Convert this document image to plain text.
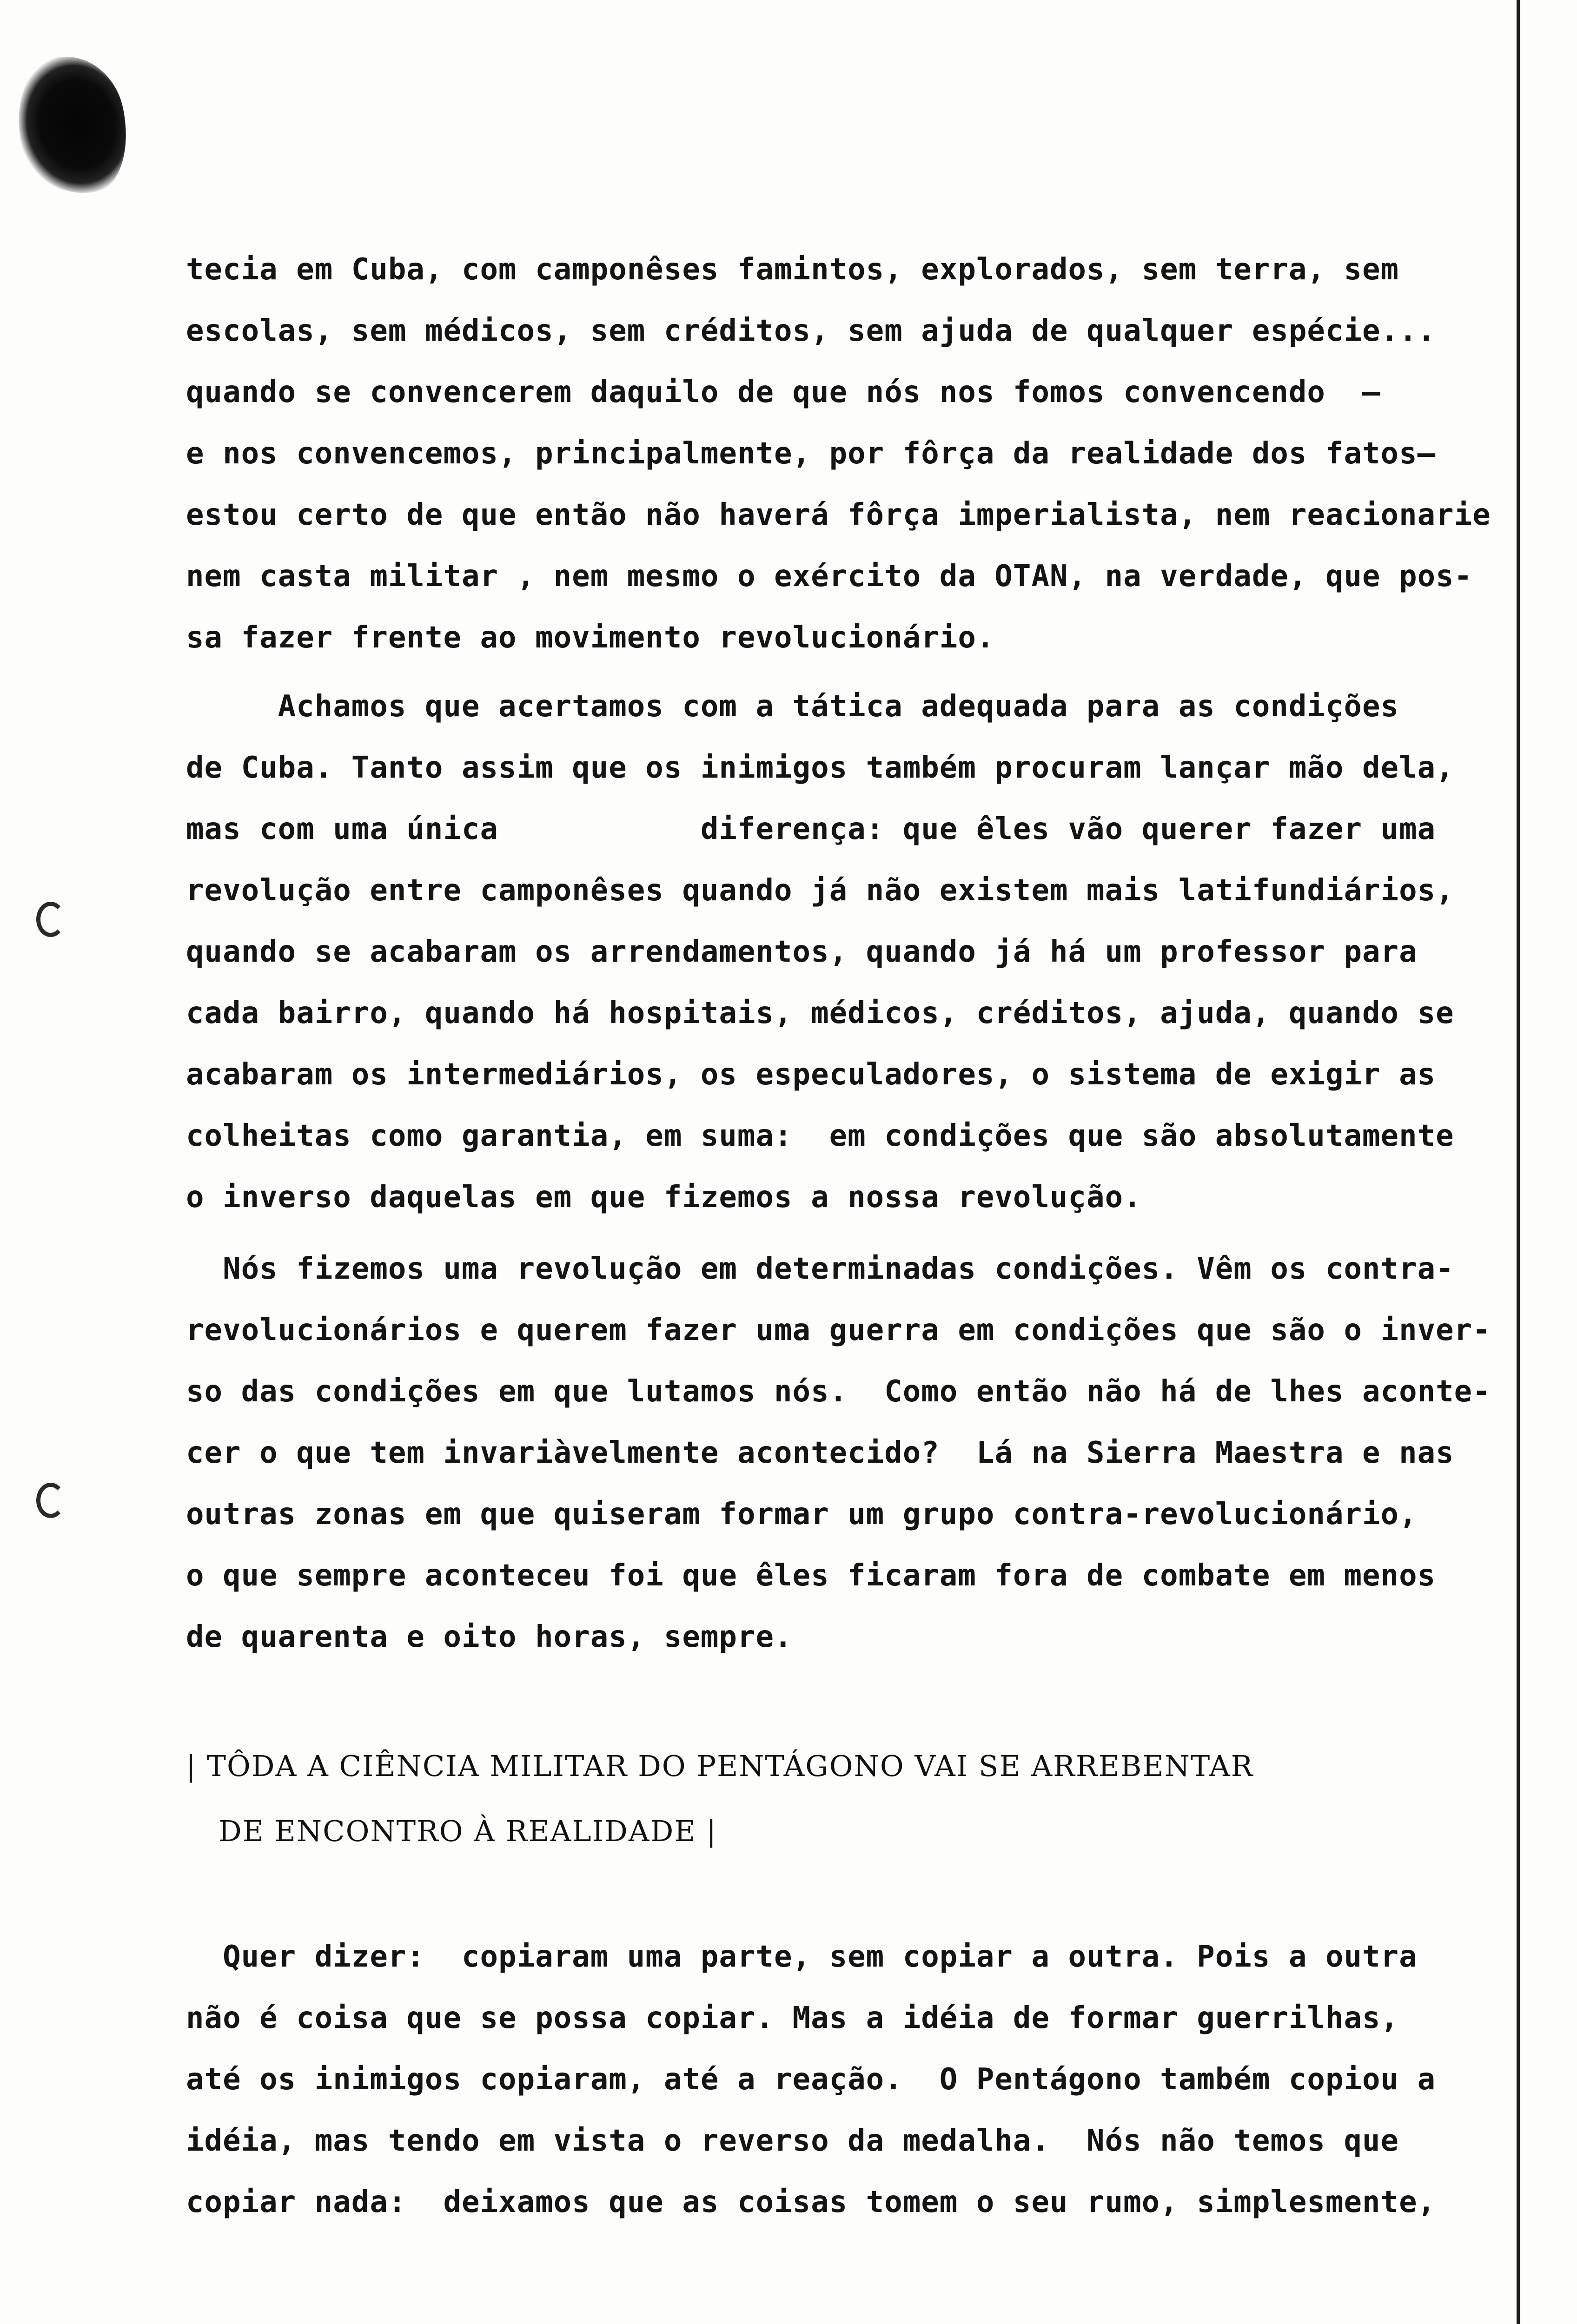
tecia em Cuba, com camponêses famintos, explorados, sem terra, sem
escolas, sem médicos, sem créditos, sem ajuda de qualquer espécie...
quando se convencerem daquilo de que nós nos fomos convencendo  —
e nos convencemos, principalmente, por fôrça da realidade dos fatos—
estou certo de que então não haverá fôrça imperialista, nem reacionarie
nem casta militar , nem mesmo o exército da OTAN, na verdade, que pos-
sa fazer frente ao movimento revolucionário.
Achamos que acertamos com a tática adequada para as condições
de Cuba. Tanto assim que os inimigos também procuram lançar mão dela,
mas com uma única           diferença: que êles vão querer fazer uma
revolução entre camponêses quando já não existem mais latifundiários,
quando se acabaram os arrendamentos, quando já há um professor para
cada bairro, quando há hospitais, médicos, créditos, ajuda, quando se
acabaram os intermediários, os especuladores, o sistema de exigir as
colheitas como garantia, em suma:  em condições que são absolutamente
o inverso daquelas em que fizemos a nossa revolução.
Nós fizemos uma revolução em determinadas condições. Vêm os contra-
revolucionários e querem fazer uma guerra em condições que são o inver-
so das condições em que lutamos nós.  Como então não há de lhes aconte-
cer o que tem invariàvelmente acontecido?  Lá na Sierra Maestra e nas
outras zonas em que quiseram formar um grupo contra-revolucionário,
o que sempre aconteceu foi que êles ficaram fora de combate em menos
de quarenta e oito horas, sempre.
| TÔDA A CIÊNCIA MILITAR DO PENTÁGONO VAI SE ARREBENTAR
DE ENCONTRO À REALIDADE |
Quer dizer:  copiaram uma parte, sem copiar a outra. Pois a outra
não é coisa que se possa copiar. Mas a idéia de formar guerrilhas,
até os inimigos copiaram, até a reação.  O Pentágono também copiou a
idéia, mas tendo em vista o reverso da medalha.  Nós não temos que
copiar nada:  deixamos que as coisas tomem o seu rumo, simplesmente,
